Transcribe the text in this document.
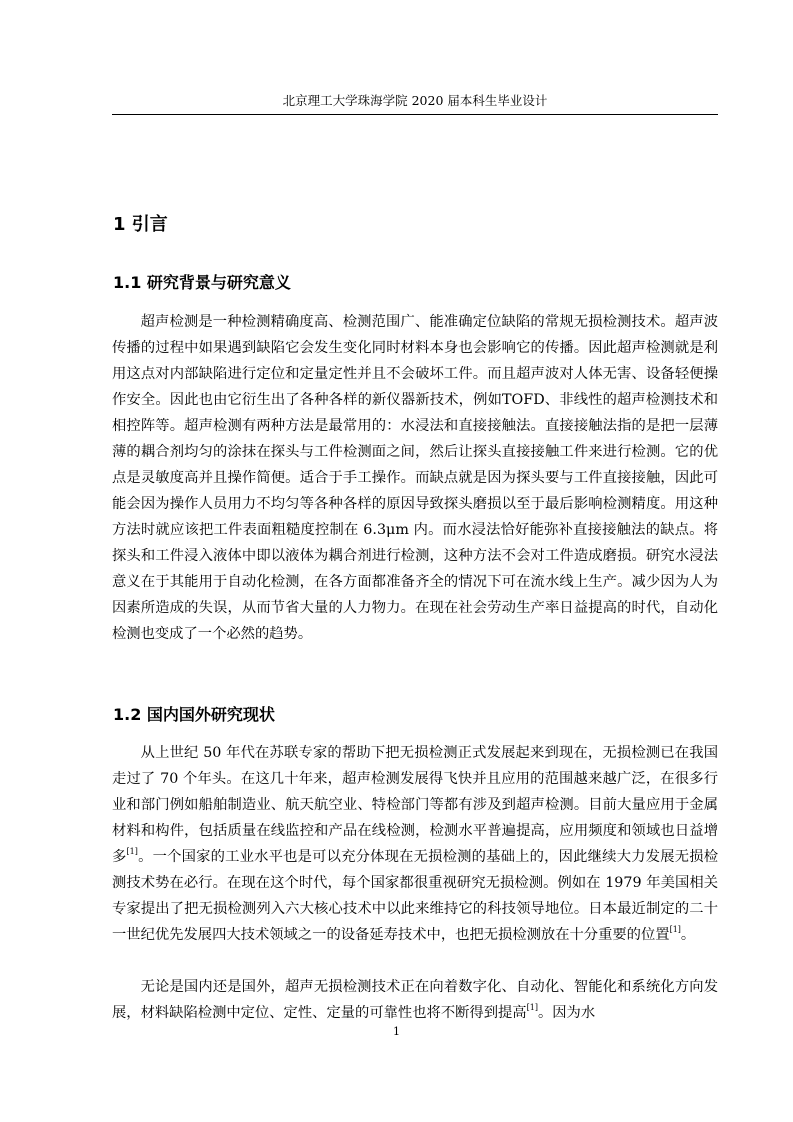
北京理工大学珠海学院 2020 届本科生毕业设计
1 引言
1.1 研究背景与研究意义

超声检测是一种检测精确度高、检测范围广、能准确定位缺陷的常规无损检测技术。超声波传播的过程中如果遇到缺陷它会发生变化同时材料本身也会影响它的传播。因此超声检测就是利用这点对内部缺陷进行定位和定量定性并且不会破坏工件。而且超声波对人体无害、设备轻便操作安全。因此也由它衍生出了各种各样的新仪器新技术，例如TOFD、非线性的超声检测技术和相控阵等。超声检测有两种方法是最常用的：水浸法和直接接触法。直接接触法指的是把一层薄薄的耦合剂均匀的涂抹在探头与工件检测面之间，然后让探头直接接触工件来进行检测。它的优点是灵敏度高并且操作简便。适合于手工操作。而缺点就是因为探头要与工件直接接触，因此可能会因为操作人员用力不均匀等各种各样的原因导致探头磨损以至于最后影响检测精度。用这种方法时就应该把工件表面粗糙度控制在 6.3μm 内。而水浸法恰好能弥补直接接触法的缺点。将探头和工件浸入液体中即以液体为耦合剂进行检测，这种方法不会对工件造成磨损。研究水浸法意义在于其能用于自动化检测，在各方面都准备齐全的情况下可在流水线上生产。减少因为人为因素所造成的失误，从而节省大量的人力物力。在现在社会劳动生产率日益提高的时代，自动化检测也变成了一个必然的趋势。

1.2 国内国外研究现状

从上世纪 50 年代在苏联专家的帮助下把无损检测正式发展起来到现在，无损检测已在我国走过了 70 个年头。在这几十年来，超声检测发展得飞快并且应用的范围越来越广泛，在很多行业和部门例如船舶制造业、航天航空业、特检部门等都有涉及到超声检测。目前大量应用于金属材料和构件，包括质量在线监控和产品在线检测，检测水平普遍提高，应用频度和领域也日益增多[1]。一个国家的工业水平也是可以充分体现在无损检测的基础上的，因此继续大力发展无损检测技术势在必行。在现在这个时代，每个国家都很重视研究无损检测。例如在 1979 年美国相关专家提出了把无损检测列入六大核心技术中以此来维持它的科技领导地位。日本最近制定的二十一世纪优先发展四大技术领域之一的设备延寿技术中，也把无损检测放在十分重要的位置[1]。

无论是国内还是国外，超声无损检测技术正在向着数字化、自动化、智能化和系统化方向发展，材料缺陷检测中定位、定性、定量的可靠性也将不断得到提高[1]。因为水

1
